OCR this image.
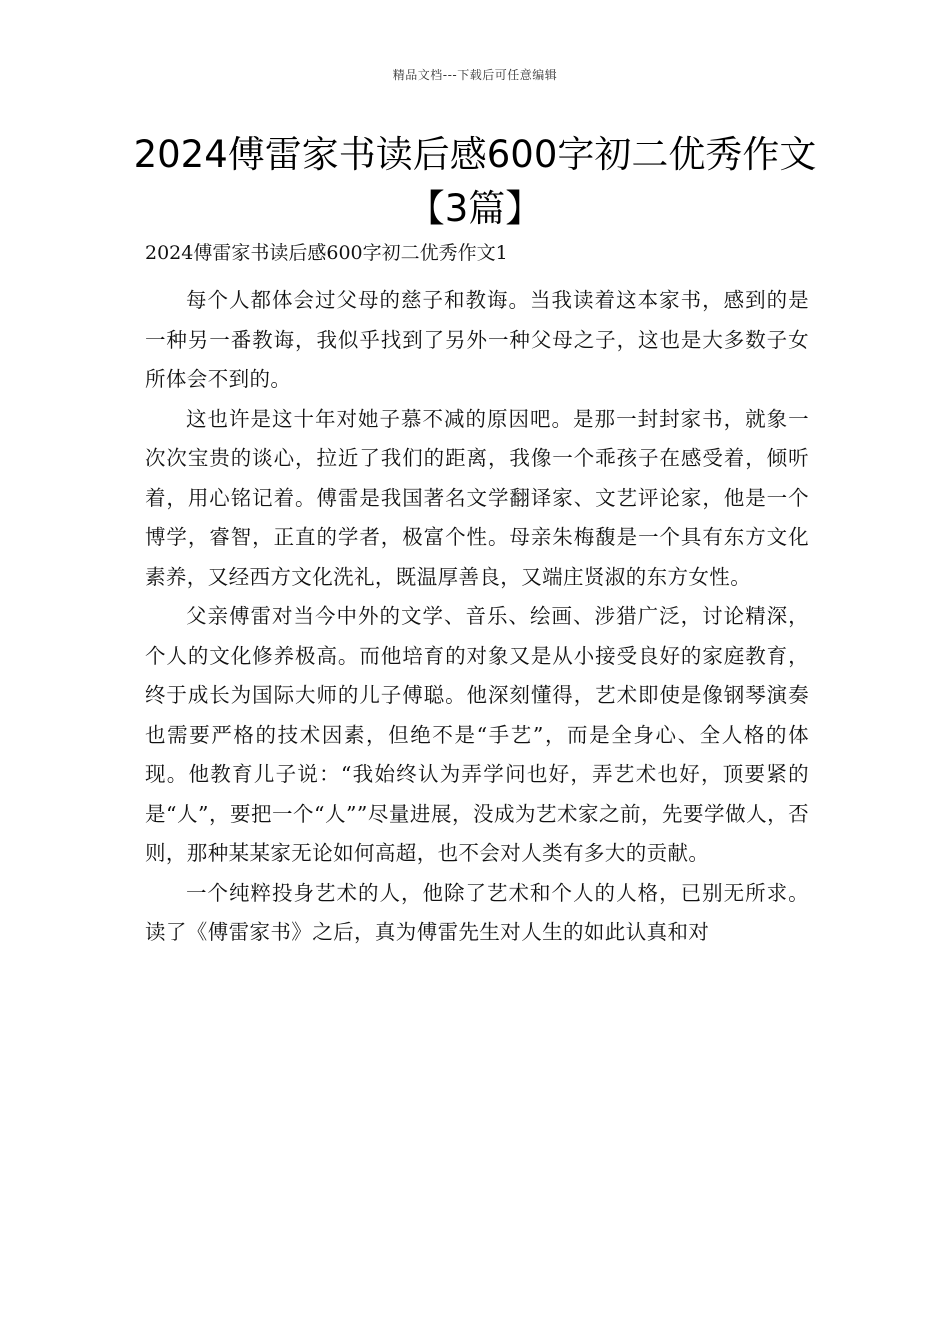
精品文档---下载后可任意编辑
2024傅雷家书读后感600字初二优秀作文【3篇】
2024傅雷家书读后感600字初二优秀作文1

每个人都体会过父母的慈子和教诲。当我读着这本家书，感到的是一种另一番教诲，我似乎找到了另外一种父母之子，这也是大多数子女所体会不到的。

这也许是这十年对她子慕不减的原因吧。是那一封封家书，就象一次次宝贵的谈心，拉近了我们的距离，我像一个乖孩子在感受着，倾听着，用心铭记着。傅雷是我国著名文学翻译家、文艺评论家，他是一个博学，睿智，正直的学者，极富个性。母亲朱梅馥是一个具有东方文化素养，又经西方文化洗礼，既温厚善良，又端庄贤淑的东方女性。

父亲傅雷对当今中外的文学、音乐、绘画、涉猎广泛，讨论精深，个人的文化修养极高。而他培育的对象又是从小接受良好的家庭教育，终于成长为国际大师的儿子傅聪。他深刻懂得，艺术即使是像钢琴演奏也需要严格的技术因素，但绝不是“手艺”，而是全身心、全人格的体现。他教育儿子说：“我始终认为弄学问也好，弄艺术也好，顶要紧的是“人”，要把一个“人””尽量进展，没成为艺术家之前，先要学做人，否则，那种某某家无论如何高超，也不会对人类有多大的贡献。

一个纯粹投身艺术的人，他除了艺术和个人的人格，已别无所求。读了《傅雷家书》之后，真为傅雷先生对人生的如此认真和对
